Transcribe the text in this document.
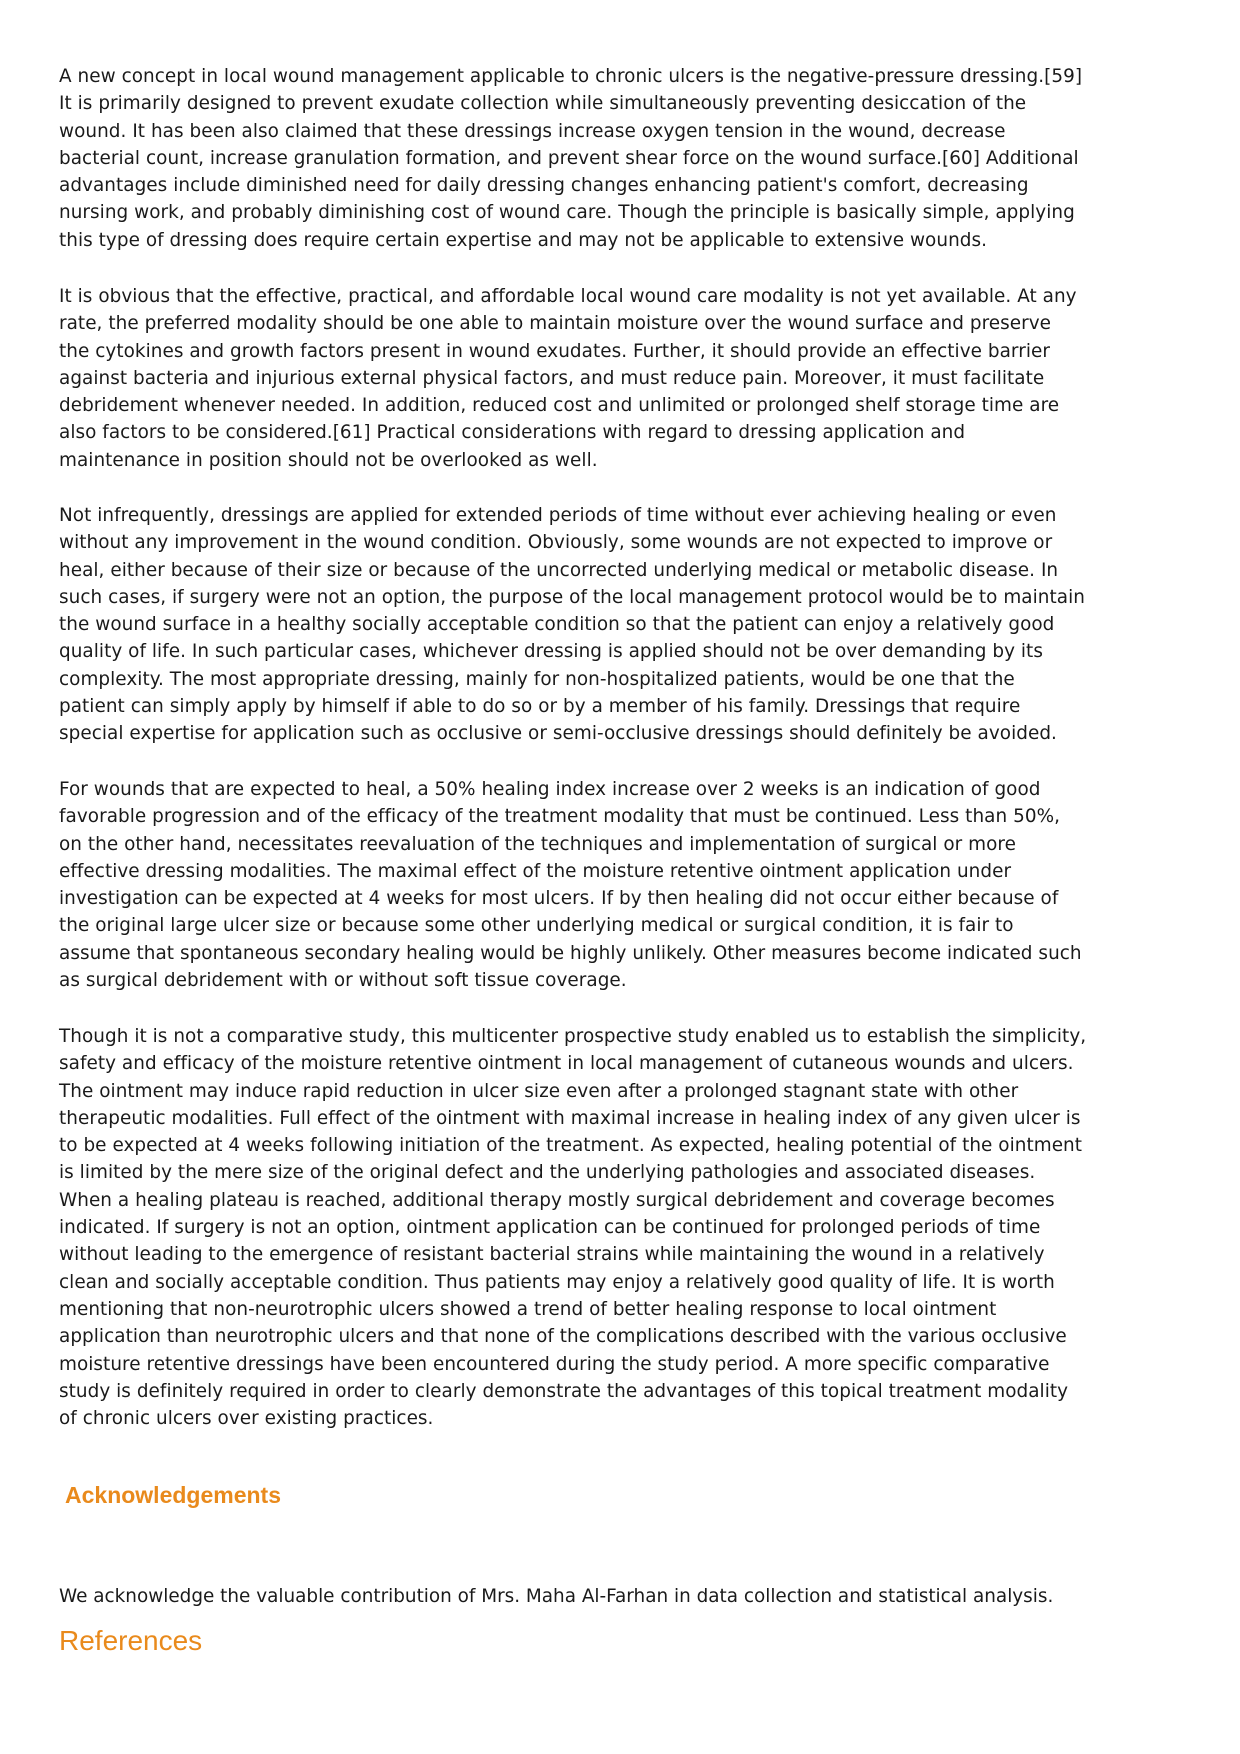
A new concept in local wound management applicable to chronic ulcers is the negative-pressure dressing.[59]
It is primarily designed to prevent exudate collection while simultaneously preventing desiccation of the
wound. It has been also claimed that these dressings increase oxygen tension in the wound, decrease
bacterial count, increase granulation formation, and prevent shear force on the wound surface.[60] Additional
advantages include diminished need for daily dressing changes enhancing patient's comfort, decreasing
nursing work, and probably diminishing cost of wound care. Though the principle is basically simple, applying
this type of dressing does require certain expertise and may not be applicable to extensive wounds.

It is obvious that the effective, practical, and affordable local wound care modality is not yet available. At any
rate, the preferred modality should be one able to maintain moisture over the wound surface and preserve
the cytokines and growth factors present in wound exudates. Further, it should provide an effective barrier
against bacteria and injurious external physical factors, and must reduce pain. Moreover, it must facilitate
debridement whenever needed. In addition, reduced cost and unlimited or prolonged shelf storage time are
also factors to be considered.[61] Practical considerations with regard to dressing application and
maintenance in position should not be overlooked as well.

Not infrequently, dressings are applied for extended periods of time without ever achieving healing or even
without any improvement in the wound condition. Obviously, some wounds are not expected to improve or
heal, either because of their size or because of the uncorrected underlying medical or metabolic disease. In
such cases, if surgery were not an option, the purpose of the local management protocol would be to maintain
the wound surface in a healthy socially acceptable condition so that the patient can enjoy a relatively good
quality of life. In such particular cases, whichever dressing is applied should not be over demanding by its
complexity. The most appropriate dressing, mainly for non-hospitalized patients, would be one that the
patient can simply apply by himself if able to do so or by a member of his family. Dressings that require
special expertise for application such as occlusive or semi-occlusive dressings should definitely be avoided.

For wounds that are expected to heal, a 50% healing index increase over 2 weeks is an indication of good
favorable progression and of the efficacy of the treatment modality that must be continued. Less than 50%,
on the other hand, necessitates reevaluation of the techniques and implementation of surgical or more
effective dressing modalities. The maximal effect of the moisture retentive ointment application under
investigation can be expected at 4 weeks for most ulcers. If by then healing did not occur either because of
the original large ulcer size or because some other underlying medical or surgical condition, it is fair to
assume that spontaneous secondary healing would be highly unlikely. Other measures become indicated such
as surgical debridement with or without soft tissue coverage.

Though it is not a comparative study, this multicenter prospective study enabled us to establish the simplicity,
safety and efficacy of the moisture retentive ointment in local management of cutaneous wounds and ulcers.
The ointment may induce rapid reduction in ulcer size even after a prolonged stagnant state with other
therapeutic modalities. Full effect of the ointment with maximal increase in healing index of any given ulcer is
to be expected at 4 weeks following initiation of the treatment. As expected, healing potential of the ointment
is limited by the mere size of the original defect and the underlying pathologies and associated diseases.
When a healing plateau is reached, additional therapy mostly surgical debridement and coverage becomes
indicated. If surgery is not an option, ointment application can be continued for prolonged periods of time
without leading to the emergence of resistant bacterial strains while maintaining the wound in a relatively
clean and socially acceptable condition. Thus patients may enjoy a relatively good quality of life. It is worth
mentioning that non-neurotrophic ulcers showed a trend of better healing response to local ointment
application than neurotrophic ulcers and that none of the complications described with the various occlusive
moisture retentive dressings have been encountered during the study period. A more specific comparative
study is definitely required in order to clearly demonstrate the advantages of this topical treatment modality
of chronic ulcers over existing practices.

Acknowledgements

We acknowledge the valuable contribution of Mrs. Maha Al-Farhan in data collection and statistical analysis.

References
